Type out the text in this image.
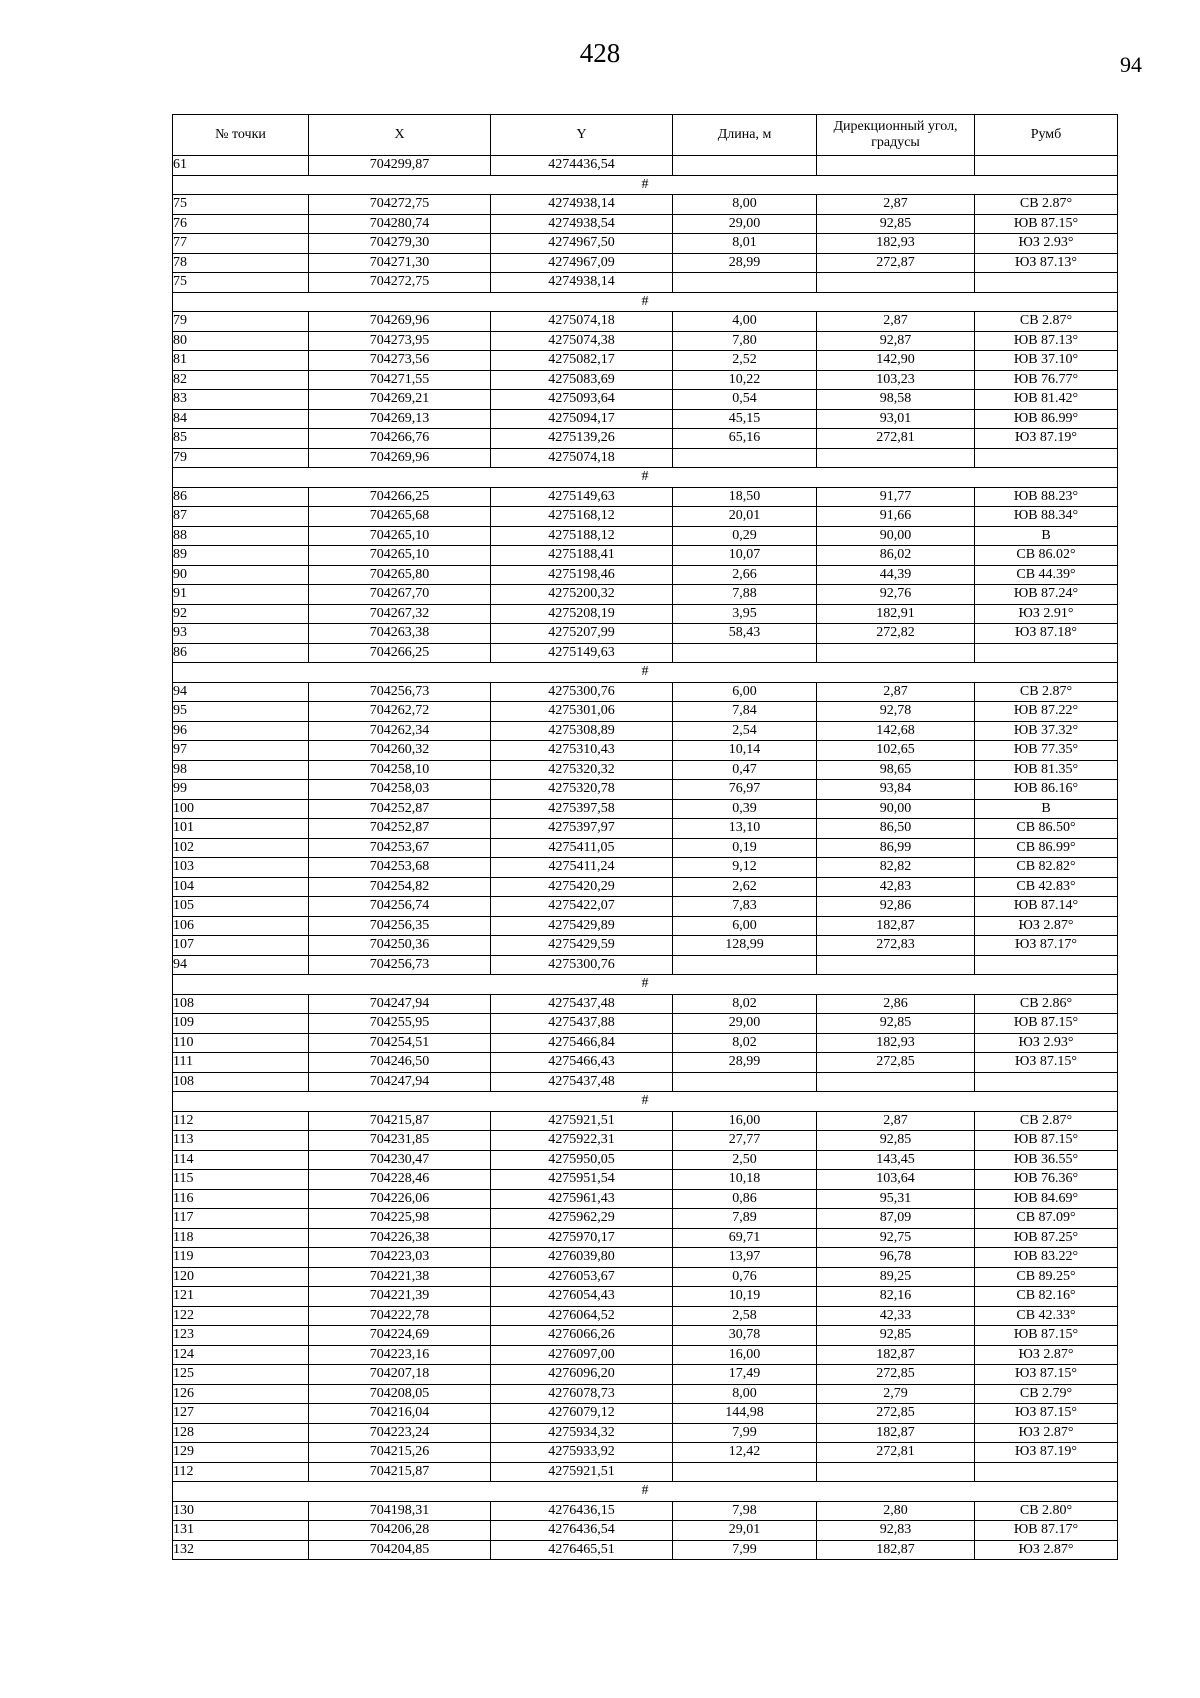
428	94
№ точки	X	Y	Длина, м	Дирекционный угол, градусы	Румб
61	704299,87	4274436,54			
#					
75	704272,75	4274938,14	8,00	2,87	СВ 2.87°
76	704280,74	4274938,54	29,00	92,85	ЮВ 87.15°
77	704279,30	4274967,50	8,01	182,93	ЮЗ 2.93°
78	704271,30	4274967,09	28,99	272,87	ЮЗ 87.13°
75	704272,75	4274938,14			
#					
79	704269,96	4275074,18	4,00	2,87	СВ 2.87°
80	704273,95	4275074,38	7,80	92,87	ЮВ 87.13°
81	704273,56	4275082,17	2,52	142,90	ЮВ 37.10°
82	704271,55	4275083,69	10,22	103,23	ЮВ 76.77°
83	704269,21	4275093,64	0,54	98,58	ЮВ 81.42°
84	704269,13	4275094,17	45,15	93,01	ЮВ 86.99°
85	704266,76	4275139,26	65,16	272,81	ЮЗ 87.19°
79	704269,96	4275074,18			
#					
86	704266,25	4275149,63	18,50	91,77	ЮВ 88.23°
87	704265,68	4275168,12	20,01	91,66	ЮВ 88.34°
88	704265,10	4275188,12	0,29	90,00	В
89	704265,10	4275188,41	10,07	86,02	СВ 86.02°
90	704265,80	4275198,46	2,66	44,39	СВ 44.39°
91	704267,70	4275200,32	7,88	92,76	ЮВ 87.24°
92	704267,32	4275208,19	3,95	182,91	ЮЗ 2.91°
93	704263,38	4275207,99	58,43	272,82	ЮЗ 87.18°
86	704266,25	4275149,63			
#					
94	704256,73	4275300,76	6,00	2,87	СВ 2.87°
95	704262,72	4275301,06	7,84	92,78	ЮВ 87.22°
96	704262,34	4275308,89	2,54	142,68	ЮВ 37.32°
97	704260,32	4275310,43	10,14	102,65	ЮВ 77.35°
98	704258,10	4275320,32	0,47	98,65	ЮВ 81.35°
99	704258,03	4275320,78	76,97	93,84	ЮВ 86.16°
100	704252,87	4275397,58	0,39	90,00	В
101	704252,87	4275397,97	13,10	86,50	СВ 86.50°
102	704253,67	4275411,05	0,19	86,99	СВ 86.99°
103	704253,68	4275411,24	9,12	82,82	СВ 82.82°
104	704254,82	4275420,29	2,62	42,83	СВ 42.83°
105	704256,74	4275422,07	7,83	92,86	ЮВ 87.14°
106	704256,35	4275429,89	6,00	182,87	ЮЗ 2.87°
107	704250,36	4275429,59	128,99	272,83	ЮЗ 87.17°
94	704256,73	4275300,76			
#					
108	704247,94	4275437,48	8,02	2,86	СВ 2.86°
109	704255,95	4275437,88	29,00	92,85	ЮВ 87.15°
110	704254,51	4275466,84	8,02	182,93	ЮЗ 2.93°
111	704246,50	4275466,43	28,99	272,85	ЮЗ 87.15°
108	704247,94	4275437,48			
#					
112	704215,87	4275921,51	16,00	2,87	СВ 2.87°
113	704231,85	4275922,31	27,77	92,85	ЮВ 87.15°
114	704230,47	4275950,05	2,50	143,45	ЮВ 36.55°
115	704228,46	4275951,54	10,18	103,64	ЮВ 76.36°
116	704226,06	4275961,43	0,86	95,31	ЮВ 84.69°
117	704225,98	4275962,29	7,89	87,09	СВ 87.09°
118	704226,38	4275970,17	69,71	92,75	ЮВ 87.25°
119	704223,03	4276039,80	13,97	96,78	ЮВ 83.22°
120	704221,38	4276053,67	0,76	89,25	СВ 89.25°
121	704221,39	4276054,43	10,19	82,16	СВ 82.16°
122	704222,78	4276064,52	2,58	42,33	СВ 42.33°
123	704224,69	4276066,26	30,78	92,85	ЮВ 87.15°
124	704223,16	4276097,00	16,00	182,87	ЮЗ 2.87°
125	704207,18	4276096,20	17,49	272,85	ЮЗ 87.15°
126	704208,05	4276078,73	8,00	2,79	СВ 2.79°
127	704216,04	4276079,12	144,98	272,85	ЮЗ 87.15°
128	704223,24	4275934,32	7,99	182,87	ЮЗ 2.87°
129	704215,26	4275933,92	12,42	272,81	ЮЗ 87.19°
112	704215,87	4275921,51			
#					
130	704198,31	4276436,15	7,98	2,80	СВ 2.80°
131	704206,28	4276436,54	29,01	92,83	ЮВ 87.17°
132	704204,85	4276465,51	7,99	182,87	ЮЗ 2.87°
